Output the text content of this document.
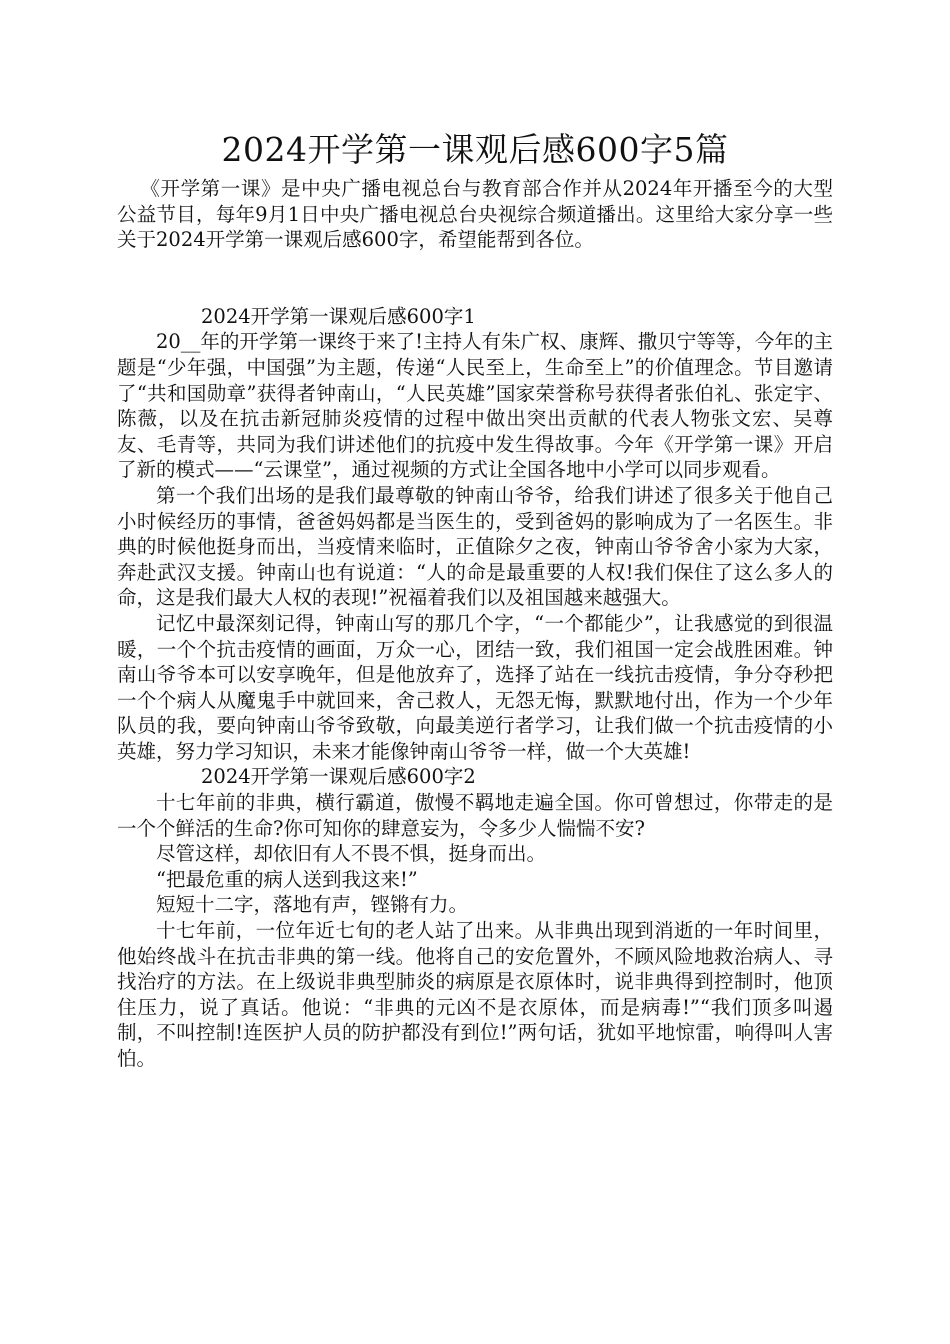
2024开学第一课观后感600字5篇

《开学第一课》是中央广播电视总台与教育部合作并从2024年开播至今的大型公益节目，每年9月1日中央广播电视总台央视综合频道播出。这里给大家分享一些关于2024开学第一课观后感600字，希望能帮到各位。

2024开学第一课观后感600字1

20__年的开学第一课终于来了!主持人有朱广权、康辉、撒贝宁等等，今年的主题是“少年强，中国强”为主题，传递“人民至上，生命至上”的价值理念。节目邀请了“共和国勋章”获得者钟南山，“人民英雄”国家荣誉称号获得者张伯礼、张定宇、陈薇，以及在抗击新冠肺炎疫情的过程中做出突出贡献的代表人物张文宏、吴尊友、毛青等，共同为我们讲述他们的抗疫中发生得故事。今年《开学第一课》开启了新的模式——“云课堂”，通过视频的方式让全国各地中小学可以同步观看。

第一个我们出场的是我们最尊敬的钟南山爷爷，给我们讲述了很多关于他自己小时候经历的事情，爸爸妈妈都是当医生的，受到爸妈的影响成为了一名医生。非典的时候他挺身而出，当疫情来临时，正值除夕之夜，钟南山爷爷舍小家为大家，奔赴武汉支援。钟南山也有说道：“人的命是最重要的人权!我们保住了这么多人的命，这是我们最大人权的表现!”祝福着我们以及祖国越来越强大。

记忆中最深刻记得，钟南山写的那几个字，“一个都能少”，让我感觉的到很温暖，一个个抗击疫情的画面，万众一心，团结一致，我们祖国一定会战胜困难。钟南山爷爷本可以安享晚年，但是他放弃了，选择了站在一线抗击疫情，争分夺秒把一个个病人从魔鬼手中就回来，舍己救人，无怨无悔，默默地付出，作为一个少年队员的我，要向钟南山爷爷致敬，向最美逆行者学习，让我们做一个抗击疫情的小英雄，努力学习知识，未来才能像钟南山爷爷一样，做一个大英雄!

2024开学第一课观后感600字2

十七年前的非典，横行霸道，傲慢不羁地走遍全国。你可曾想过，你带走的是一个个鲜活的生命?你可知你的肆意妄为，令多少人惴惴不安?

尽管这样，却依旧有人不畏不惧，挺身而出。

“把最危重的病人送到我这来!”

短短十二字，落地有声，铿锵有力。

十七年前，一位年近七旬的老人站了出来。从非典出现到消逝的一年时间里，他始终战斗在抗击非典的第一线。他将自己的安危置外，不顾风险地救治病人、寻找治疗的方法。在上级说非典型肺炎的病原是衣原体时，说非典得到控制时，他顶住压力，说了真话。他说：“非典的元凶不是衣原体，而是病毒!”“我们顶多叫遏制，不叫控制!连医护人员的防护都没有到位!”两句话，犹如平地惊雷，响得叫人害怕。
